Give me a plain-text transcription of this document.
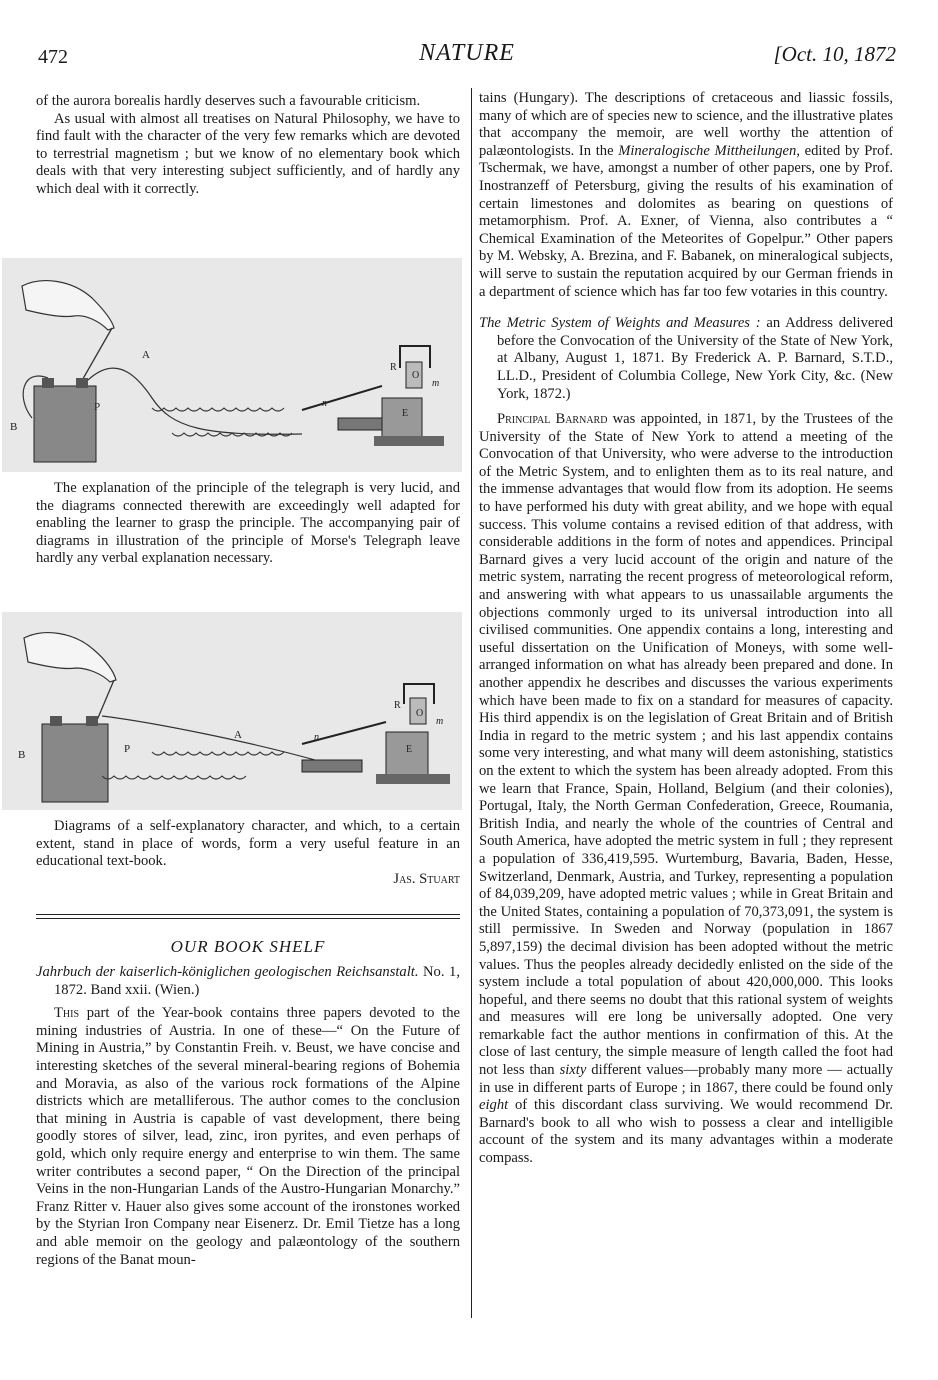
472	NATURE	[Oct. 10, 1872

of the aurora borealis hardly deserves such a favourable criticism.

As usual with almost all treatises on Natural Philosophy, we have to find fault with the character of the very few remarks which are devoted to terrestrial magnetism ; but we know of no elementary book which deals with that very interesting subject sufficiently, and of hardly any which deal with it correctly.

A
P
B
R
O
m
E
n

The explanation of the principle of the telegraph is very lucid, and the diagrams connected therewith are exceedingly well adapted for enabling the learner to grasp the principle. The accompanying pair of diagrams in illustration of the principle of Morse's Telegraph leave hardly any verbal explanation necessary.

A
P
B
R
O
m
E
n

Diagrams of a self-explanatory character, and which, to a certain extent, stand in place of words, form a very useful feature in an educational text-book.

Jas. Stuart

OUR BOOK SHELF

Jahrbuch der kaiserlich-königlichen geologischen Reichsanstalt. No. 1, 1872. Band xxii. (Wien.)

This part of the Year-book contains three papers devoted to the mining industries of Austria. In one of these—“ On the Future of Mining in Austria,” by Constantin Freih. v. Beust, we have concise and interesting sketches of the several mineral-bearing regions of Bohemia and Moravia, as also of the various rock formations of the Alpine districts which are metalliferous. The author comes to the conclusion that mining in Austria is capable of vast development, there being goodly stores of silver, lead, zinc, iron pyrites, and even perhaps of gold, which only require energy and enterprise to win them. The same writer contributes a second paper, “ On the Direction of the principal Veins in the non-Hungarian Lands of the Austro-Hungarian Monarchy.” Franz Ritter v. Hauer also gives some account of the ironstones worked by the Styrian Iron Company near Eisenerz. Dr. Emil Tietze has a long and able memoir on the geology and palæontology of the southern regions of the Banat moun-

tains (Hungary). The descriptions of cretaceous and liassic fossils, many of which are of species new to science, and the illustrative plates that accompany the memoir, are well worthy the attention of palæontologists. In the Mineralogische Mittheilungen, edited by Prof. Tschermak, we have, amongst a number of other papers, one by Prof. Inostranzeff of Petersburg, giving the results of his examination of certain limestones and dolomites as bearing on questions of metamorphism. Prof. A. Exner, of Vienna, also contributes a “ Chemical Examination of the Meteorites of Gopelpur.” Other papers by M. Websky, A. Brezina, and F. Babanek, on mineralogical subjects, will serve to sustain the reputation acquired by our German friends in a department of science which has far too few votaries in this country.

The Metric System of Weights and Measures : an Address delivered before the Convocation of the University of the State of New York, at Albany, August 1, 1871. By Frederick A. P. Barnard, S.T.D., LL.D., President of Columbia College, New York City, &c. (New York, 1872.)

Principal Barnard was appointed, in 1871, by the Trustees of the University of the State of New York to attend a meeting of the Convocation of that University, who were adverse to the introduction of the Metric System, and to enlighten them as to its real nature, and the immense advantages that would flow from its adoption. He seems to have performed his duty with great ability, and we hope with equal success. This volume contains a revised edition of that address, with considerable additions in the form of notes and appendices. Principal Barnard gives a very lucid account of the origin and nature of the metric system, narrating the recent progress of meteorological reform, and answering with what appears to us unassailable arguments the objections commonly urged to its universal introduction into all civilised communities. One appendix contains a long, interesting and useful dissertation on the Unification of Moneys, with some well-arranged information on what has already been prepared and done. In another appendix he describes and discusses the various experiments which have been made to fix on a standard for measures of capacity. His third appendix is on the legislation of Great Britain and of British India in regard to the metric system ; and his last appendix contains some very interesting, and what many will deem astonishing, statistics on the extent to which the system has been already adopted. From this we learn that France, Spain, Holland, Belgium (and their colonies), Portugal, Italy, the North German Confederation, Greece, Roumania, British India, and nearly the whole of the countries of Central and South America, have adopted the metric system in full ; they represent a population of 336,419,595. Wurtemburg, Bavaria, Baden, Hesse, Switzerland, Denmark, Austria, and Turkey, representing a population of 84,039,209, have adopted metric values ; while in Great Britain and the United States, containing a population of 70,373,091, the system is still permissive. In Sweden and Norway (population in 1867 5,897,159) the decimal division has been adopted without the metric values. Thus the peoples already decidedly enlisted on the side of the system include a total population of about 420,000,000. This looks hopeful, and there seems no doubt that this rational system of weights and measures will ere long be universally adopted. One very remarkable fact the author mentions in confirmation of this. At the close of last century, the simple measure of length called the foot had not less than sixty different values—probably many more — actually in use in different parts of Europe ; in 1867, there could be found only eight of this discordant class surviving. We would recommend Dr. Barnard's book to all who wish to possess a clear and intelligible account of the system and its many advantages within a moderate compass.
